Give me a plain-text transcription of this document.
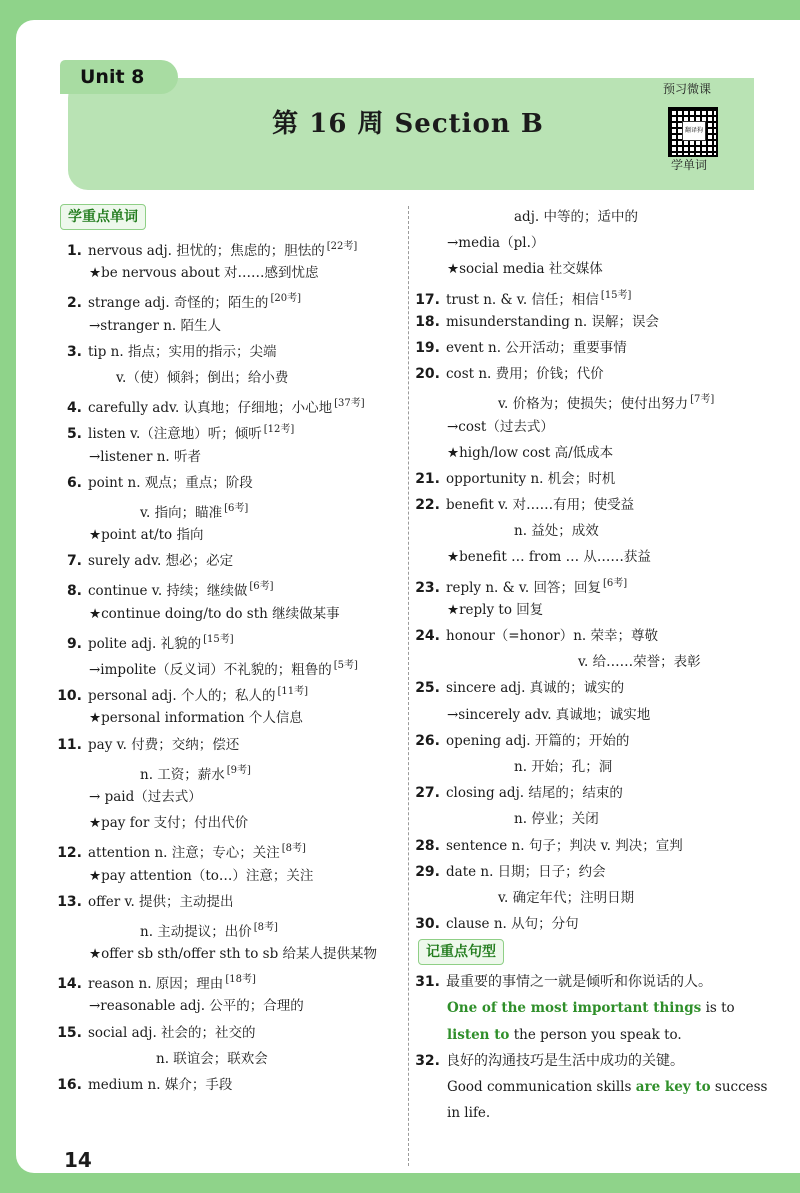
Unit 8
第 16 周 Section B
预习微课
翻译狗
学单词
学重点单词
1. nervous adj. 担忧的；焦虑的；胆怯的 [22考]
★be nervous about 对……感到忧虑
2. strange adj. 奇怪的；陌生的 [20考]
→stranger n. 陌生人
3. tip n. 指点；实用的指示；尖端
v.（使）倾斜；倒出；给小费
4. carefully adv. 认真地；仔细地；小心地 [37考]
5. listen v.（注意地）听；倾听 [12考]
→listener n. 听者
6. point n. 观点；重点；阶段
v. 指向；瞄准 [6考]
★point at/to 指向
7. surely adv. 想必；必定
8. continue v. 持续；继续做 [6考]
★continue doing/to do sth 继续做某事
9. polite adj. 礼貌的 [15考]
→impolite（反义词）不礼貌的；粗鲁的 [5考]
10. personal adj. 个人的；私人的 [11考]
★personal information 个人信息
11. pay v. 付费；交纳；偿还
n. 工资；薪水 [9考]
→ paid（过去式）
★pay for 支付；付出代价
12. attention n. 注意；专心；关注 [8考]
★pay attention（to…）注意；关注
13. offer v. 提供；主动提出
n. 主动提议；出价 [8考]
★offer sb sth/offer sth to sb 给某人提供某物
14. reason n. 原因；理由 [18考]
→reasonable adj. 公平的；合理的
15. social adj. 社会的；社交的
n. 联谊会；联欢会
16. medium n. 媒介；手段
adj. 中等的；适中的
→media（pl.）
★social media 社交媒体
17. trust n. & v. 信任；相信 [15考]
18. misunderstanding n. 误解；误会
19. event n. 公开活动；重要事情
20. cost n. 费用；价钱；代价
v. 价格为；使损失；使付出努力 [7考]
→cost（过去式）
★high/low cost 高/低成本
21. opportunity n. 机会；时机
22. benefit v. 对……有用；使受益
n. 益处；成效
★benefit … from … 从……获益
23. reply n. & v. 回答；回复 [6考]
★reply to 回复
24. honour（=honor）n. 荣幸；尊敬
v. 给……荣誉；表彰
25. sincere adj. 真诚的；诚实的
→sincerely adv. 真诚地；诚实地
26. opening adj. 开篇的；开始的
n. 开始；孔；洞
27. closing adj. 结尾的；结束的
n. 停业；关闭
28. sentence n. 句子；判决 v. 判决；宣判
29. date n. 日期；日子；约会
v. 确定年代；注明日期
30. clause n. 从句；分句
记重点句型
31. 最重要的事情之一就是倾听和你说话的人。
One of the most important things is to
listen to the person you speak to.
32. 良好的沟通技巧是生活中成功的关键。
Good communication skills are key to success
in life.
14
